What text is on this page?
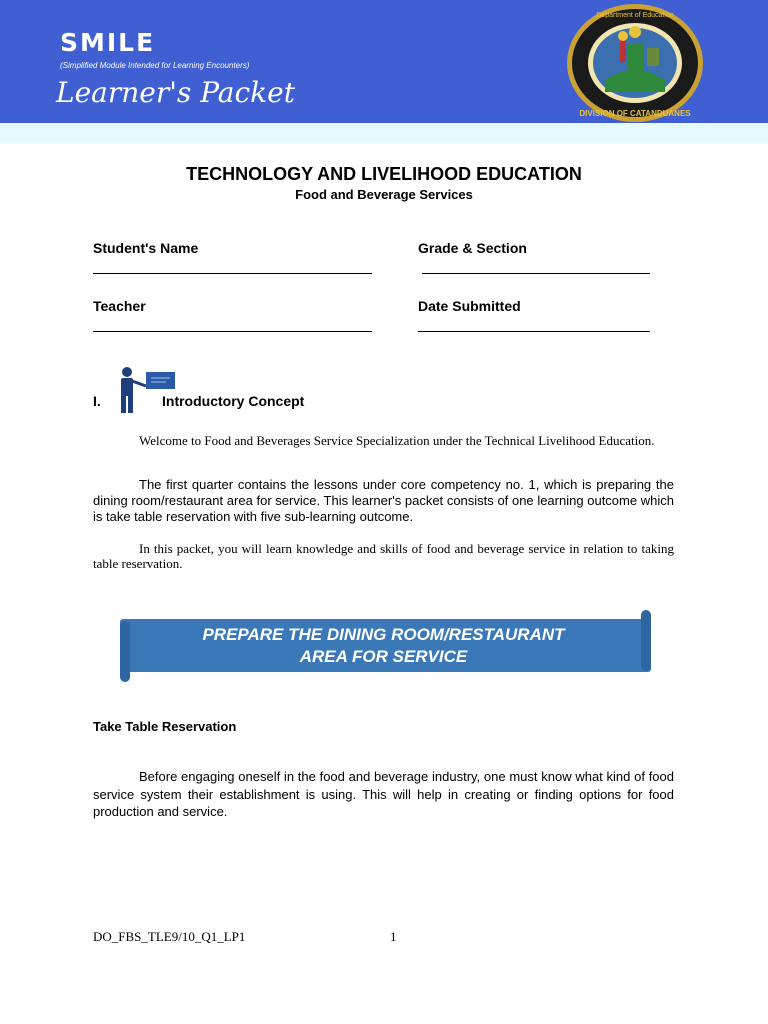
SMILE
(Simplified Module Intended for Learning Encounters)
Learner's Packet
Department of Education
DIVISION OF CATANDUANES
TECHNOLOGY AND LIVELIHOOD EDUCATION
Food and Beverage Services
Student's Name	Grade & Section
Teacher	Date Submitted
I.	Introductory Concept

Welcome to Food and Beverages Service Specialization under the Technical Livelihood Education.

The first quarter contains the lessons under core competency no. 1, which is preparing the dining room/restaurant area for service. This learner's packet consists of one learning outcome which is take table reservation with five sub-learning outcome.

In this packet, you will learn knowledge and skills of food and beverage service in relation to taking table reservation.

PREPARE THE DINING ROOM/RESTAURANT
AREA FOR SERVICE
Take Table Reservation

Before engaging oneself in the food and beverage industry, one must know what kind of food service system their establishment is using. This will help in creating or finding options for food production and service.

DO_FBS_TLE9/10_Q1_LP1	1
